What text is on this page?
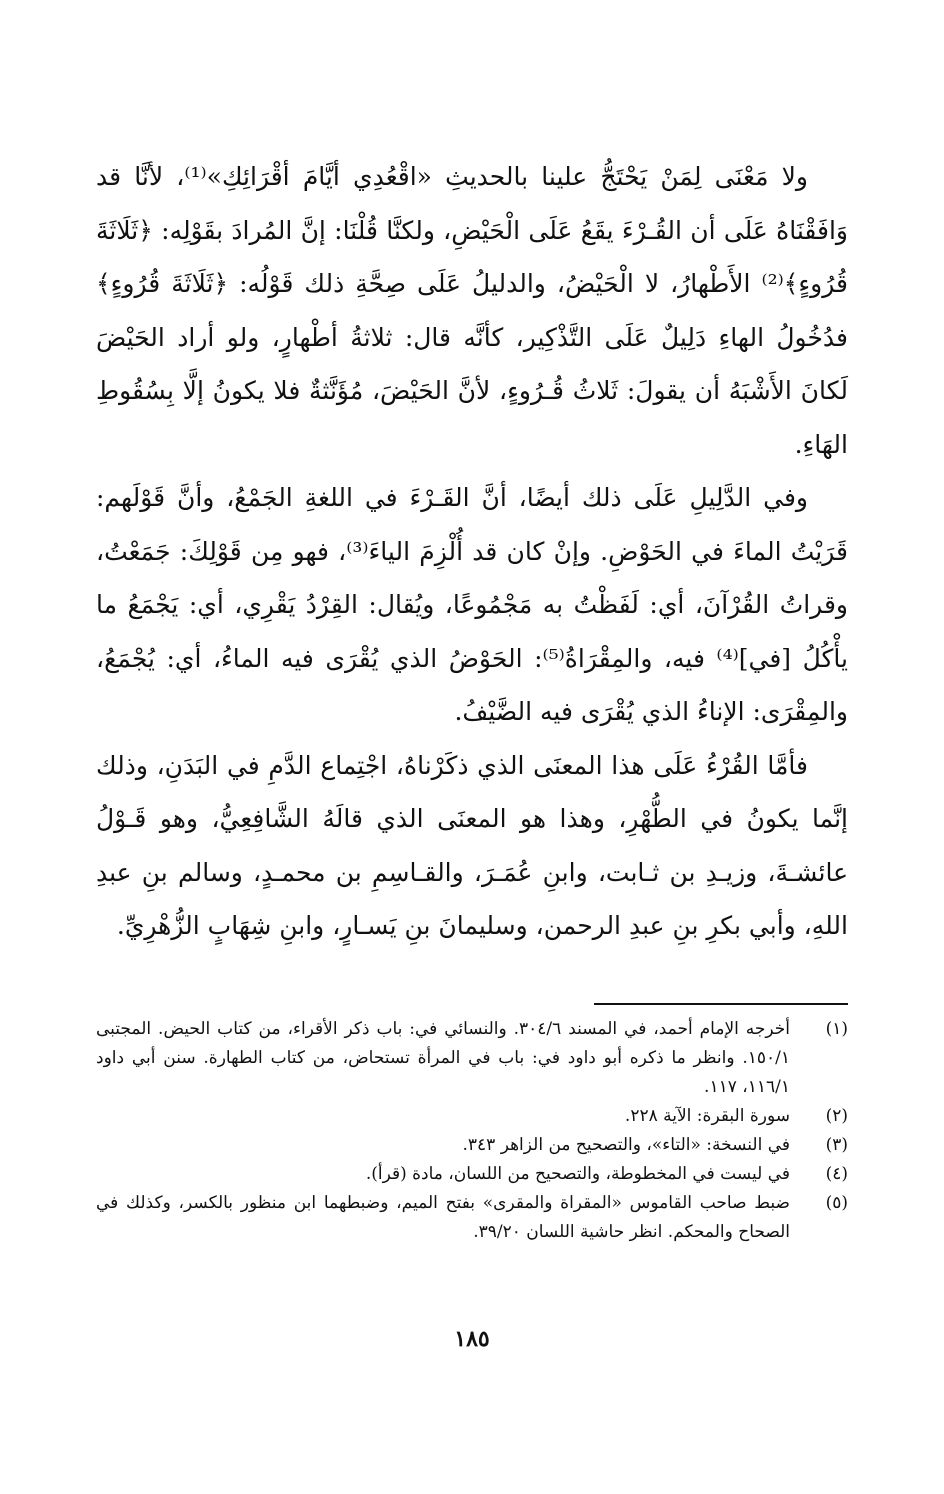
ولا مَعْنَى لِمَنْ يَحْتَجُّ علينا بالحديثِ «اقْعُدِي أيَّامَ أقْرَائِكِ»⁽¹⁾، لأنَّا قد وَافَقْنَاهُ عَلَى أن القُـرْءَ يقَعُ عَلَى الْحَيْضِ، ولكنَّا قُلْنَا: إنَّ المُرادَ بقَوْلِه: ﴿ثَلَاثَةَ قُرُوءٍ﴾⁽²⁾ الأَطْهارُ، لا الْحَيْضُ، والدليلُ عَلَى صِحَّةِ ذلك قَوْلُه: ﴿ثَلَاثَةَ قُرُوءٍ﴾ فدُخُولُ الهاءِ دَلِيلٌ عَلَى التَّذْكِير، كأنَّه قال: ثلاثةُ أطْهارٍ، ولو أراد الحَيْضَ لَكانَ الأَشْبَهُ أن يقولَ: ثَلاثُ قُـرُوءٍ، لأنَّ الحَيْضَ، مُؤَنَّثةٌ فلا يكونُ إلَّا بِسُقُوطِ الهَاءِ.

وفي الدَّلِيلِ عَلَى ذلك أيضًا، أنَّ القَـرْءَ في اللغةِ الجَمْعُ، وأنَّ قَوْلَهم: قَرَيْتُ الماءَ في الحَوْضِ. وإنْ كان قد أُلْزِمَ الياءَ⁽³⁾، فهو مِن قَوْلِكَ: جَمَعْتُ، وقراتُ القُرْآنَ، أي: لَفَظْتُ به مَجْمُوعًا، ويُقال: القِرْدُ يَقْرِي، أي: يَجْمَعُ ما يأْكُلُ [في]⁽⁴⁾ فيه، والمِقْرَاةُ⁽⁵⁾: الحَوْضُ الذي يُقْرَى فيه الماءُ، أي: يُجْمَعُ، والمِقْرَى: الإناءُ الذي يُقْرَى فيه الضَّيْفُ.

فأمَّا القُرْءُ عَلَى هذا المعنَى الذي ذكَرْناهُ، اجْتِماع الدَّمِ في البَدَنِ، وذلك إنَّما يكونُ في الطُّهْرِ، وهذا هو المعنَى الذي قالَهُ الشَّافِعِيُّ، وهو قَـوْلُ عائشـةَ، وزيـدِ بن ثـابت، وابنِ عُمَـرَ، والقـاسِمِ بن محمـدٍ، وسالم بنِ عبدِ اللهِ، وأبي بكرِ بنِ عبدِ الرحمن، وسليمانَ بنِ يَسـارٍ، وابنِ شِهَابٍ الزُّهْرِيِّ.

(١)
أخرجه الإمام أحمد، في المسند ٣٠٤/٦. والنسائي في: باب ذكر الأقراء، من كتاب الحيض. المجتبى ١٥٠/١. وانظر ما ذكره أبو داود في: باب في المرأة تستحاض، من كتاب الطهارة. سنن أبي داود ١١٦/١، ١١٧.
(٢)
سورة البقرة: الآية ٢٢٨.
(٣)
في النسخة: «التاء»، والتصحيح من الزاهر ٣٤٣.
(٤)
في ليست في المخطوطة، والتصحيح من اللسان، مادة (قرأ).
(٥)
ضبط صاحب القاموس «المقراة والمقرى» بفتح الميم، وضبطهما ابن منظور بالكسر، وكذلك في الصحاح والمحكم. انظر حاشية اللسان ٣٩/٢٠.
١٨٥
